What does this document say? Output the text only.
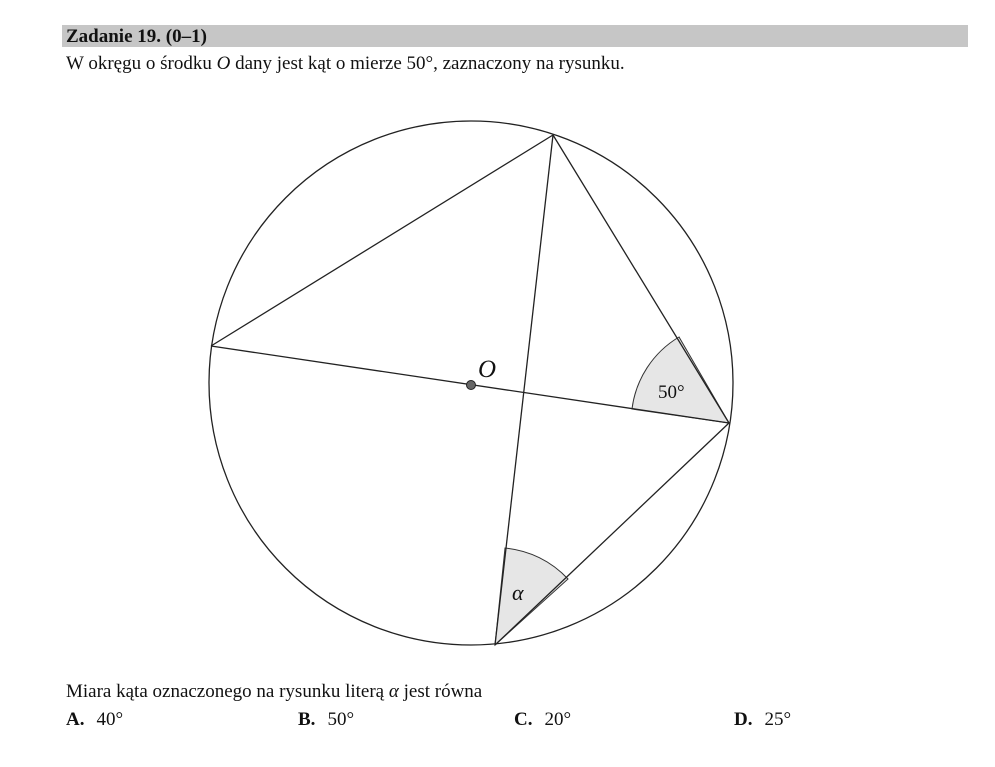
Zadanie 19. (0–1)
W okręgu o środku O dany jest kąt o mierze 50°, zaznaczony na rysunku.
O
50°
α
Miara kąta oznaczonego na rysunku literą α jest równa
A. 40°	B. 50°	C. 20°	D. 25°
